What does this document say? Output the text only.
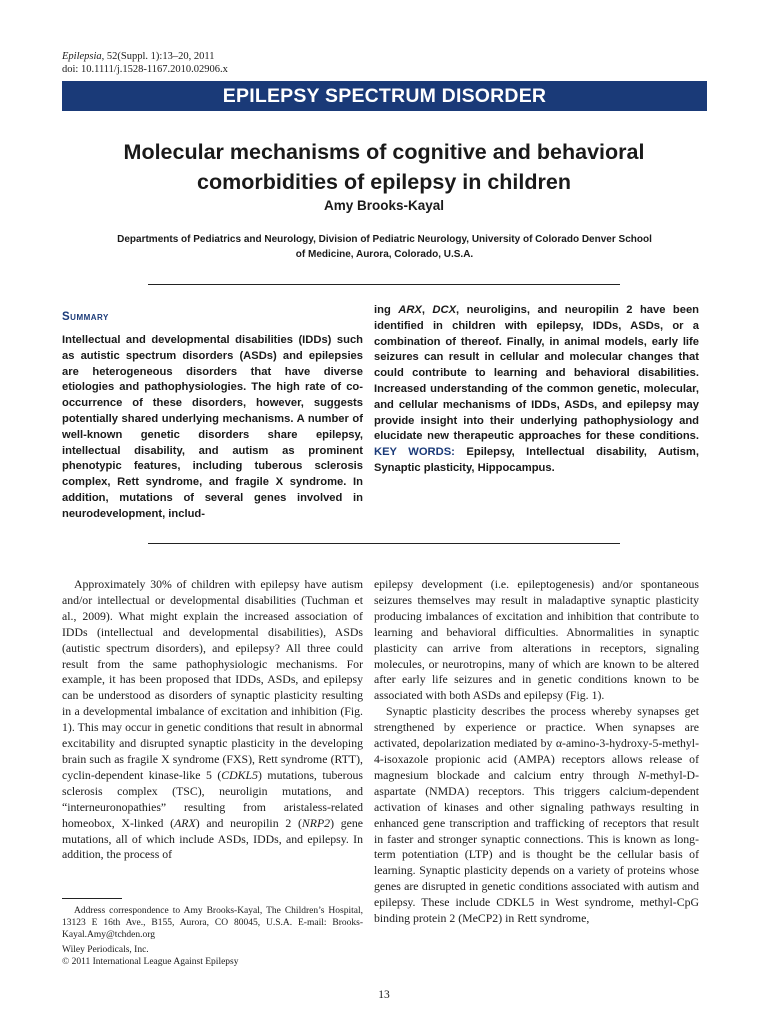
Epilepsia, 52(Suppl. 1):13–20, 2011
doi: 10.1111/j.1528-1167.2010.02906.x
EPILEPSY SPECTRUM DISORDER
Molecular mechanisms of cognitive and behavioral
comorbidities of epilepsy in children
Amy Brooks-Kayal
Departments of Pediatrics and Neurology, Division of Pediatric Neurology, University of Colorado Denver School
of Medicine, Aurora, Colorado, U.S.A.
Summary
Intellectual and developmental disabilities (IDDs) such as autistic spectrum disorders (ASDs) and epilepsies are heterogeneous disorders that have diverse etiologies and pathophysiologies. The high rate of co-occurrence of these disorders, however, suggests potentially shared underlying mechanisms. A number of well-known genetic disorders share epilepsy, intellectual disability, and autism as prominent phenotypic features, including tuberous sclerosis complex, Rett syndrome, and fragile X syndrome. In addition, mutations of several genes involved in neurodevelopment, includ-
ing ARX, DCX, neuroligins, and neuropilin 2 have been identified in children with epilepsy, IDDs, ASDs, or a combination of thereof. Finally, in animal models, early life seizures can result in cellular and molecular changes that could contribute to learning and behavioral disabilities. Increased understanding of the common genetic, molecular, and cellular mechanisms of IDDs, ASDs, and epilepsy may provide insight into their underlying pathophysiology and elucidate new therapeutic approaches for these conditions. KEY WORDS: Epilepsy, Intellectual disability, Autism, Synaptic plasticity, Hippocampus.

Approximately 30% of children with epilepsy have autism and/or intellectual or developmental disabilities (Tuchman et al., 2009). What might explain the increased association of IDDs (intellectual and developmental disabilities), ASDs (autistic spectrum disorders), and epilepsy? All three could result from the same pathophysiologic mechanisms. For example, it has been proposed that IDDs, ASDs, and epilepsy can be understood as disorders of synaptic plasticity resulting in a developmental imbalance of excitation and inhibition (Fig. 1). This may occur in genetic conditions that result in abnormal excitability and disrupted synaptic plasticity in the developing brain such as fragile X syndrome (FXS), Rett syndrome (RTT), cyclin-dependent kinase-like 5 (CDKL5) mutations, tuberous sclerosis complex (TSC), neuroligin mutations, and “interneuronopathies” resulting from aristaless-related homeobox, X-linked (ARX) and neuropilin 2 (NRP2) gene mutations, all of which include ASDs, IDDs, and epilepsy. In addition, the process of

epilepsy development (i.e. epileptogenesis) and/or spontaneous seizures themselves may result in maladaptive synaptic plasticity producing imbalances of excitation and inhibition that contribute to learning and behavioral difficulties. Abnormalities in synaptic plasticity can arrive from alterations in receptors, signaling molecules, or neurotropins, many of which are known to be altered after early life seizures and in genetic conditions known to be associated with both ASDs and epilepsy (Fig. 1).

Synaptic plasticity describes the process whereby synapses get strengthened by experience or practice. When synapses are activated, depolarization mediated by α-amino-3-hydroxy-5-methyl-4-isoxazole propionic acid (AMPA) receptors allows release of magnesium blockade and calcium entry through N-methyl-D-aspartate (NMDA) receptors. This triggers calcium-dependent activation of kinases and other signaling pathways resulting in enhanced gene transcription and trafficking of receptors that result in faster and stronger synaptic connections. This is known as long-term potentiation (LTP) and is thought be the cellular basis of learning. Synaptic plasticity depends on a variety of proteins whose genes are disrupted in genetic conditions associated with autism and epilepsy. These include CDKL5 in West syndrome, methyl-CpG binding protein 2 (MeCP2) in Rett syndrome,

Address correspondence to Amy Brooks-Kayal, The Children’s Hospital, 13123 E 16th Ave., B155, Aurora, CO 80045, U.S.A. E-mail: Brooks-Kayal.Amy@tchden.org

Wiley Periodicals, Inc.
© 2011 International League Against Epilepsy
13
